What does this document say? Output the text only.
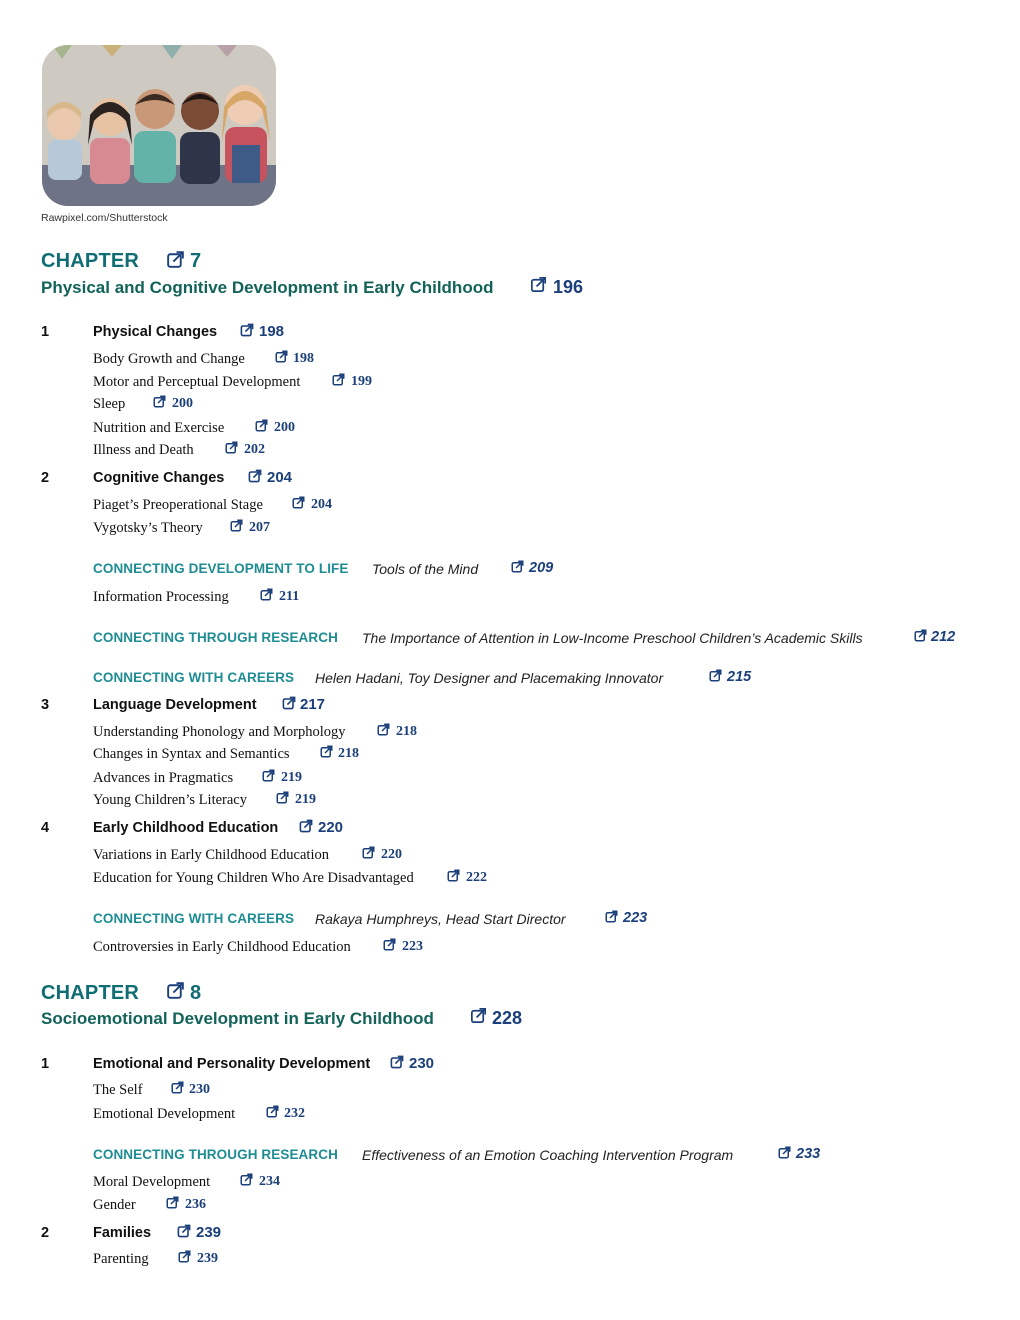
Rawpixel.com/Shutterstock
CHAPTER	7
Physical and Cognitive Development in Early Childhood	196
1	Physical Changes	198
Body Growth and Change	198
Motor and Perceptual Development	199
Sleep	200
Nutrition and Exercise	200
Illness and Death	202
2	Cognitive Changes	204
Piaget’s Preoperational Stage	204
Vygotsky’s Theory	207
CONNECTING DEVELOPMENT TO LIFE Tools of the Mind	209
Information Processing	211
CONNECTING THROUGH RESEARCH The Importance of Attention in Low-Income Preschool Children’s Academic Skills	212
CONNECTING WITH CAREERS Helen Hadani, Toy Designer and Placemaking Innovator	215
3	Language Development	217
Understanding Phonology and Morphology	218
Changes in Syntax and Semantics	218
Advances in Pragmatics	219
Young Children’s Literacy	219
4	Early Childhood Education	220
Variations in Early Childhood Education	220
Education for Young Children Who Are Disadvantaged	222
CONNECTING WITH CAREERS Rakaya Humphreys, Head Start Director	223
Controversies in Early Childhood Education	223
CHAPTER	8
Socioemotional Development in Early Childhood	228
1	Emotional and Personality Development	230
The Self	230
Emotional Development	232
CONNECTING THROUGH RESEARCH Effectiveness of an Emotion Coaching Intervention Program	233
Moral Development	234
Gender	236
2	Families	239
Parenting	239
